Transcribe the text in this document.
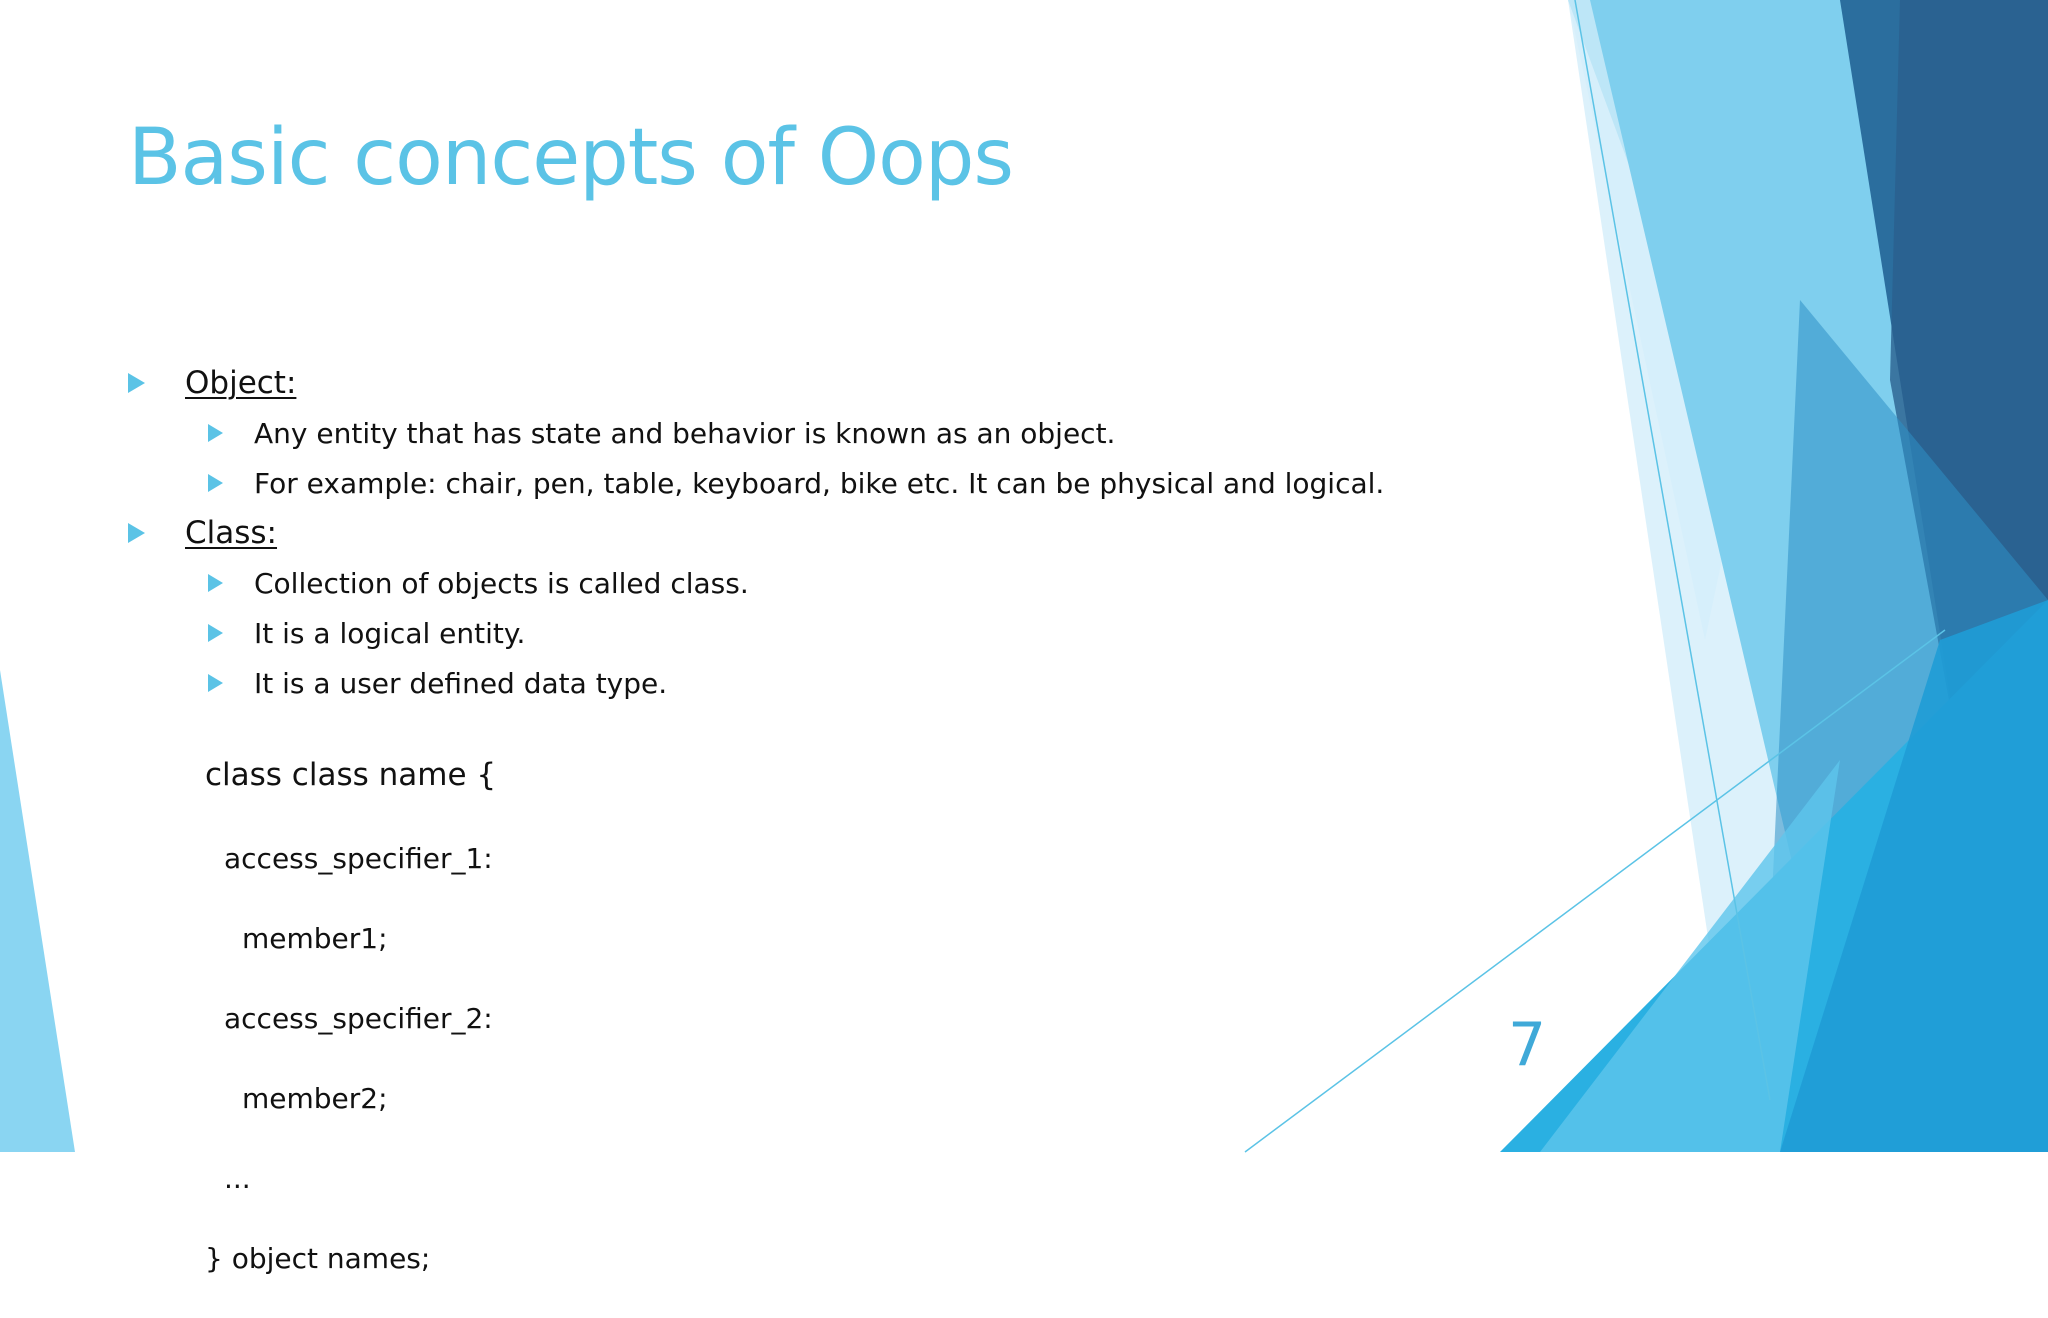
Basic concepts of Oops
Object:
Any entity that has state and behavior is known as an object.
For example: chair, pen, table, keyboard, bike etc. It can be physical and logical.
Class:
Collection of objects is called class.
It is a logical entity.
It is a user defined data type.

class class name {

access_specifier_1:

member1;

access_specifier_2:

member2;

...

} object names;

7
